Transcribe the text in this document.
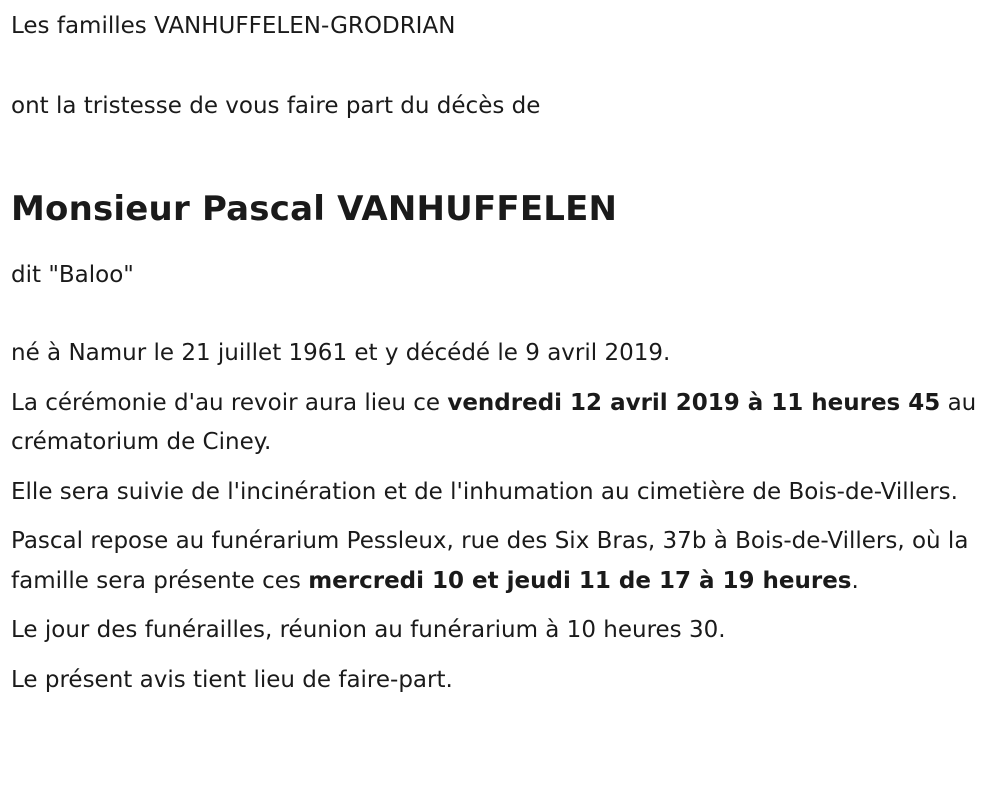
Les familles VANHUFFELEN-GRODRIAN

ont la tristesse de vous faire part du décès de

Monsieur Pascal VANHUFFELEN

dit "Baloo"

né à Namur le 21 juillet 1961 et y décédé le 9 avril 2019.

La cérémonie d'au revoir aura lieu ce vendredi 12 avril 2019 à 11 heures 45 au crématorium de Ciney.

Elle sera suivie de l'incinération et de l'inhumation au cimetière de Bois-de-Villers.

Pascal repose au funérarium Pessleux, rue des Six Bras, 37b à Bois-de-Villers, où la famille sera présente ces mercredi 10 et jeudi 11 de 17 à 19 heures.

Le jour des funérailles, réunion au funérarium à 10 heures 30.

Le présent avis tient lieu de faire-part.
